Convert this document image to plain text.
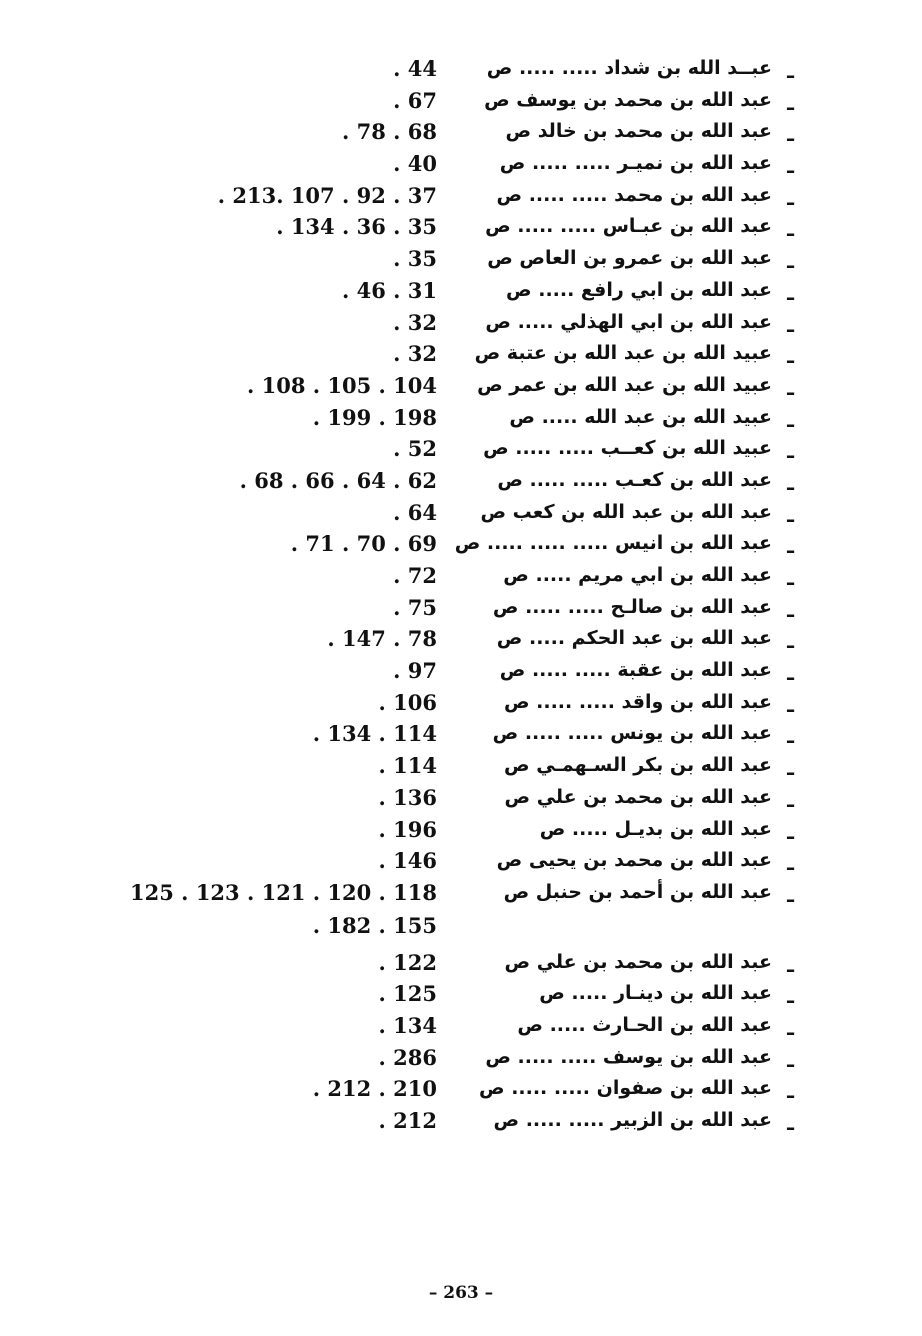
ـ
عبــد الله بن شداد ..... ..... ص
44 .
ـ
عبد الله بن محمد بن يوسف ص
67 .
ـ
عبد الله بن محمد بن خالد ص
68 . 78 .
ـ
عبد الله بن نميـر ..... ..... ص
40 .
ـ
عبد الله بن محمد ..... ..... ص
37 . 92 . 107 .213 .
ـ
عبد الله بن عبـاس ..... ..... ص
35 . 36 . 134 .
ـ
عبد الله بن عمرو بن العاص ص
35 .
ـ
عبد الله بن ابي رافع ..... ص
31 . 46 .
ـ
عبد الله بن ابي الهذلي ..... ص
32 .
ـ
عبيد الله بن عبد الله بن عتبة ص
32 .
ـ
عبيد الله بن عبد الله بن عمر ص
104 . 105 . 108 .
ـ
عبيد الله بن عبد الله ..... ص
198 . 199 .
ـ
عبيد الله بن كعــب ..... ..... ص
52 .
ـ
عبد الله بن كعـب ..... ..... ص
62 . 64 . 66 . 68 .
ـ
عبد الله بن عبد الله بن كعب ص
64 .
ـ
عبد الله بن انيس ..... ..... ..... ص
69 . 70 . 71 .
ـ
عبد الله بن ابي مريم ..... ص
72 .
ـ
عبد الله بن صالـح ..... ..... ص
75 .
ـ
عبد الله بن عبد الحكم ..... ص
78 . 147 .
ـ
عبد الله بن عقبة ..... ..... ص
97 .
ـ
عبد الله بن واقد ..... ..... ص
106 .
ـ
عبد الله بن يونس ..... ..... ص
114 . 134 .
ـ
عبد الله بن بكر السـهمـي ص
114 .
ـ
عبد الله بن محمد بن علي ص
136 .
ـ
عبد الله بن بديـل ..... ص
196 .
ـ
عبد الله بن محمد بن يحيى ص
146 .
ـ
عبد الله بن أحمد بن حنبل ص
118 . 120 . 121 . 123 . 125
155 . 182 .
ـ
عبد الله بن محمد بن علي ص
122 .
ـ
عبد الله بن دينـار ..... ص
125 .
ـ
عبد الله بن الحـارث ..... ص
134 .
ـ
عبد الله بن يوسف ..... ..... ص
286 .
ـ
عبد الله بن صفوان ..... ..... ص
210 . 212 .
ـ
عبد الله بن الزبير ..... ..... ص
212 .
– 263 –
